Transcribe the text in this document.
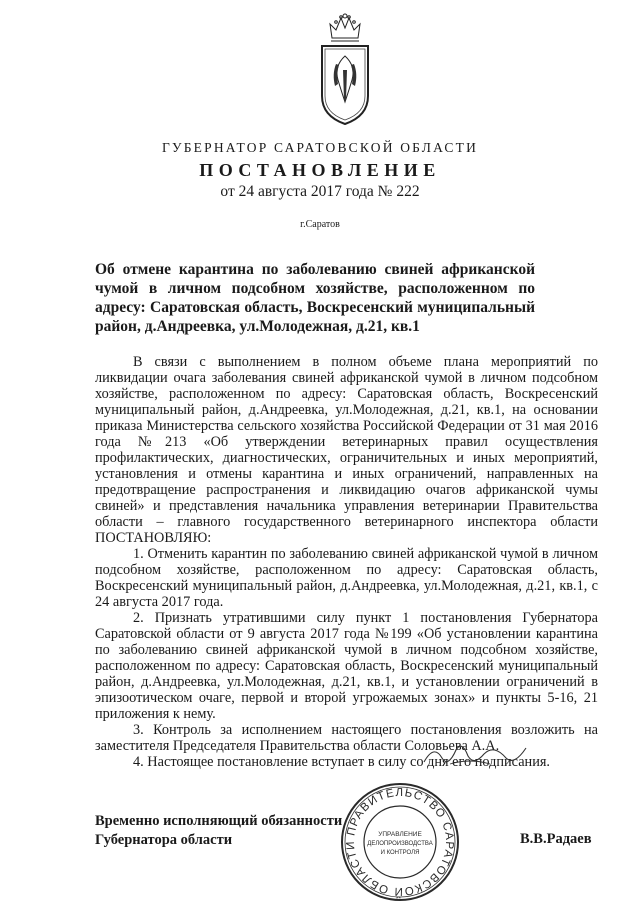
ГУБЕРНАТОР САРАТОВСКОЙ ОБЛАСТИ
ПОСТАНОВЛЕНИЕ
от 24 августа 2017 года № 222
г.Саратов
Об отмене карантина по заболеванию свиней африканской чумой в личном подсобном хозяйстве, расположенном по адресу: Саратовская область, Воскресенский муниципальный район, д.Андреевка, ул.Молодежная, д.21, кв.1

В связи с выполнением в полном объеме плана мероприятий по ликвидации очага заболевания свиней африканской чумой в личном подсобном хозяйстве, расположенном по адресу: Саратовская область, Воскресенский муниципальный район, д.Андреевка, ул.Молодежная, д.21, кв.1, на основании приказа Министерства сельского хозяйства Российской Федерации от 31 мая 2016 года №213 «Об утверждении ветеринарных правил осуществления профилактических, диагностических, ограничительных и иных мероприятий, установления и отмены карантина и иных ограничений, направленных на предотвращение распространения и ликвидацию очагов африканской чумы свиней» и представления начальника управления ветеринарии Правительства области – главного государственного ветеринарного инспектора области ПОСТАНОВЛЯЮ:

1. Отменить карантин по заболеванию свиней африканской чумой в личном подсобном хозяйстве, расположенном по адресу: Саратовская область, Воскресенский муниципальный район, д.Андреевка, ул.Молодежная, д.21, кв.1, с 24 августа 2017 года.

2. Признать утратившими силу пункт 1 постановления Губернатора Саратовской области от 9 августа 2017 года №199 «Об установлении карантина по заболеванию свиней африканской чумой в личном подсобном хозяйстве, расположенном по адресу: Саратовская область, Воскресенский муниципальный район, д.Андреевка, ул.Молодежная, д.21, кв.1, и установлении ограничений в эпизоотическом очаге, первой и второй угрожаемых зонах» и пункты 5-16, 21 приложения к нему.

3. Контроль за исполнением настоящего постановления возложить на заместителя Председателя Правительства области Соловьева А.А.

4. Настоящее постановление вступает в силу со дня его подписания.

Временно исполняющий обязанности
Губернатора области	В.В.Радаев
ПРАВИТЕЛЬСТВО САРАТОВСКОЙ ОБЛАСТИ
УПРАВЛЕНИЕ
ДЕЛОПРОИЗВОДСТВА
И КОНТРОЛЯ
